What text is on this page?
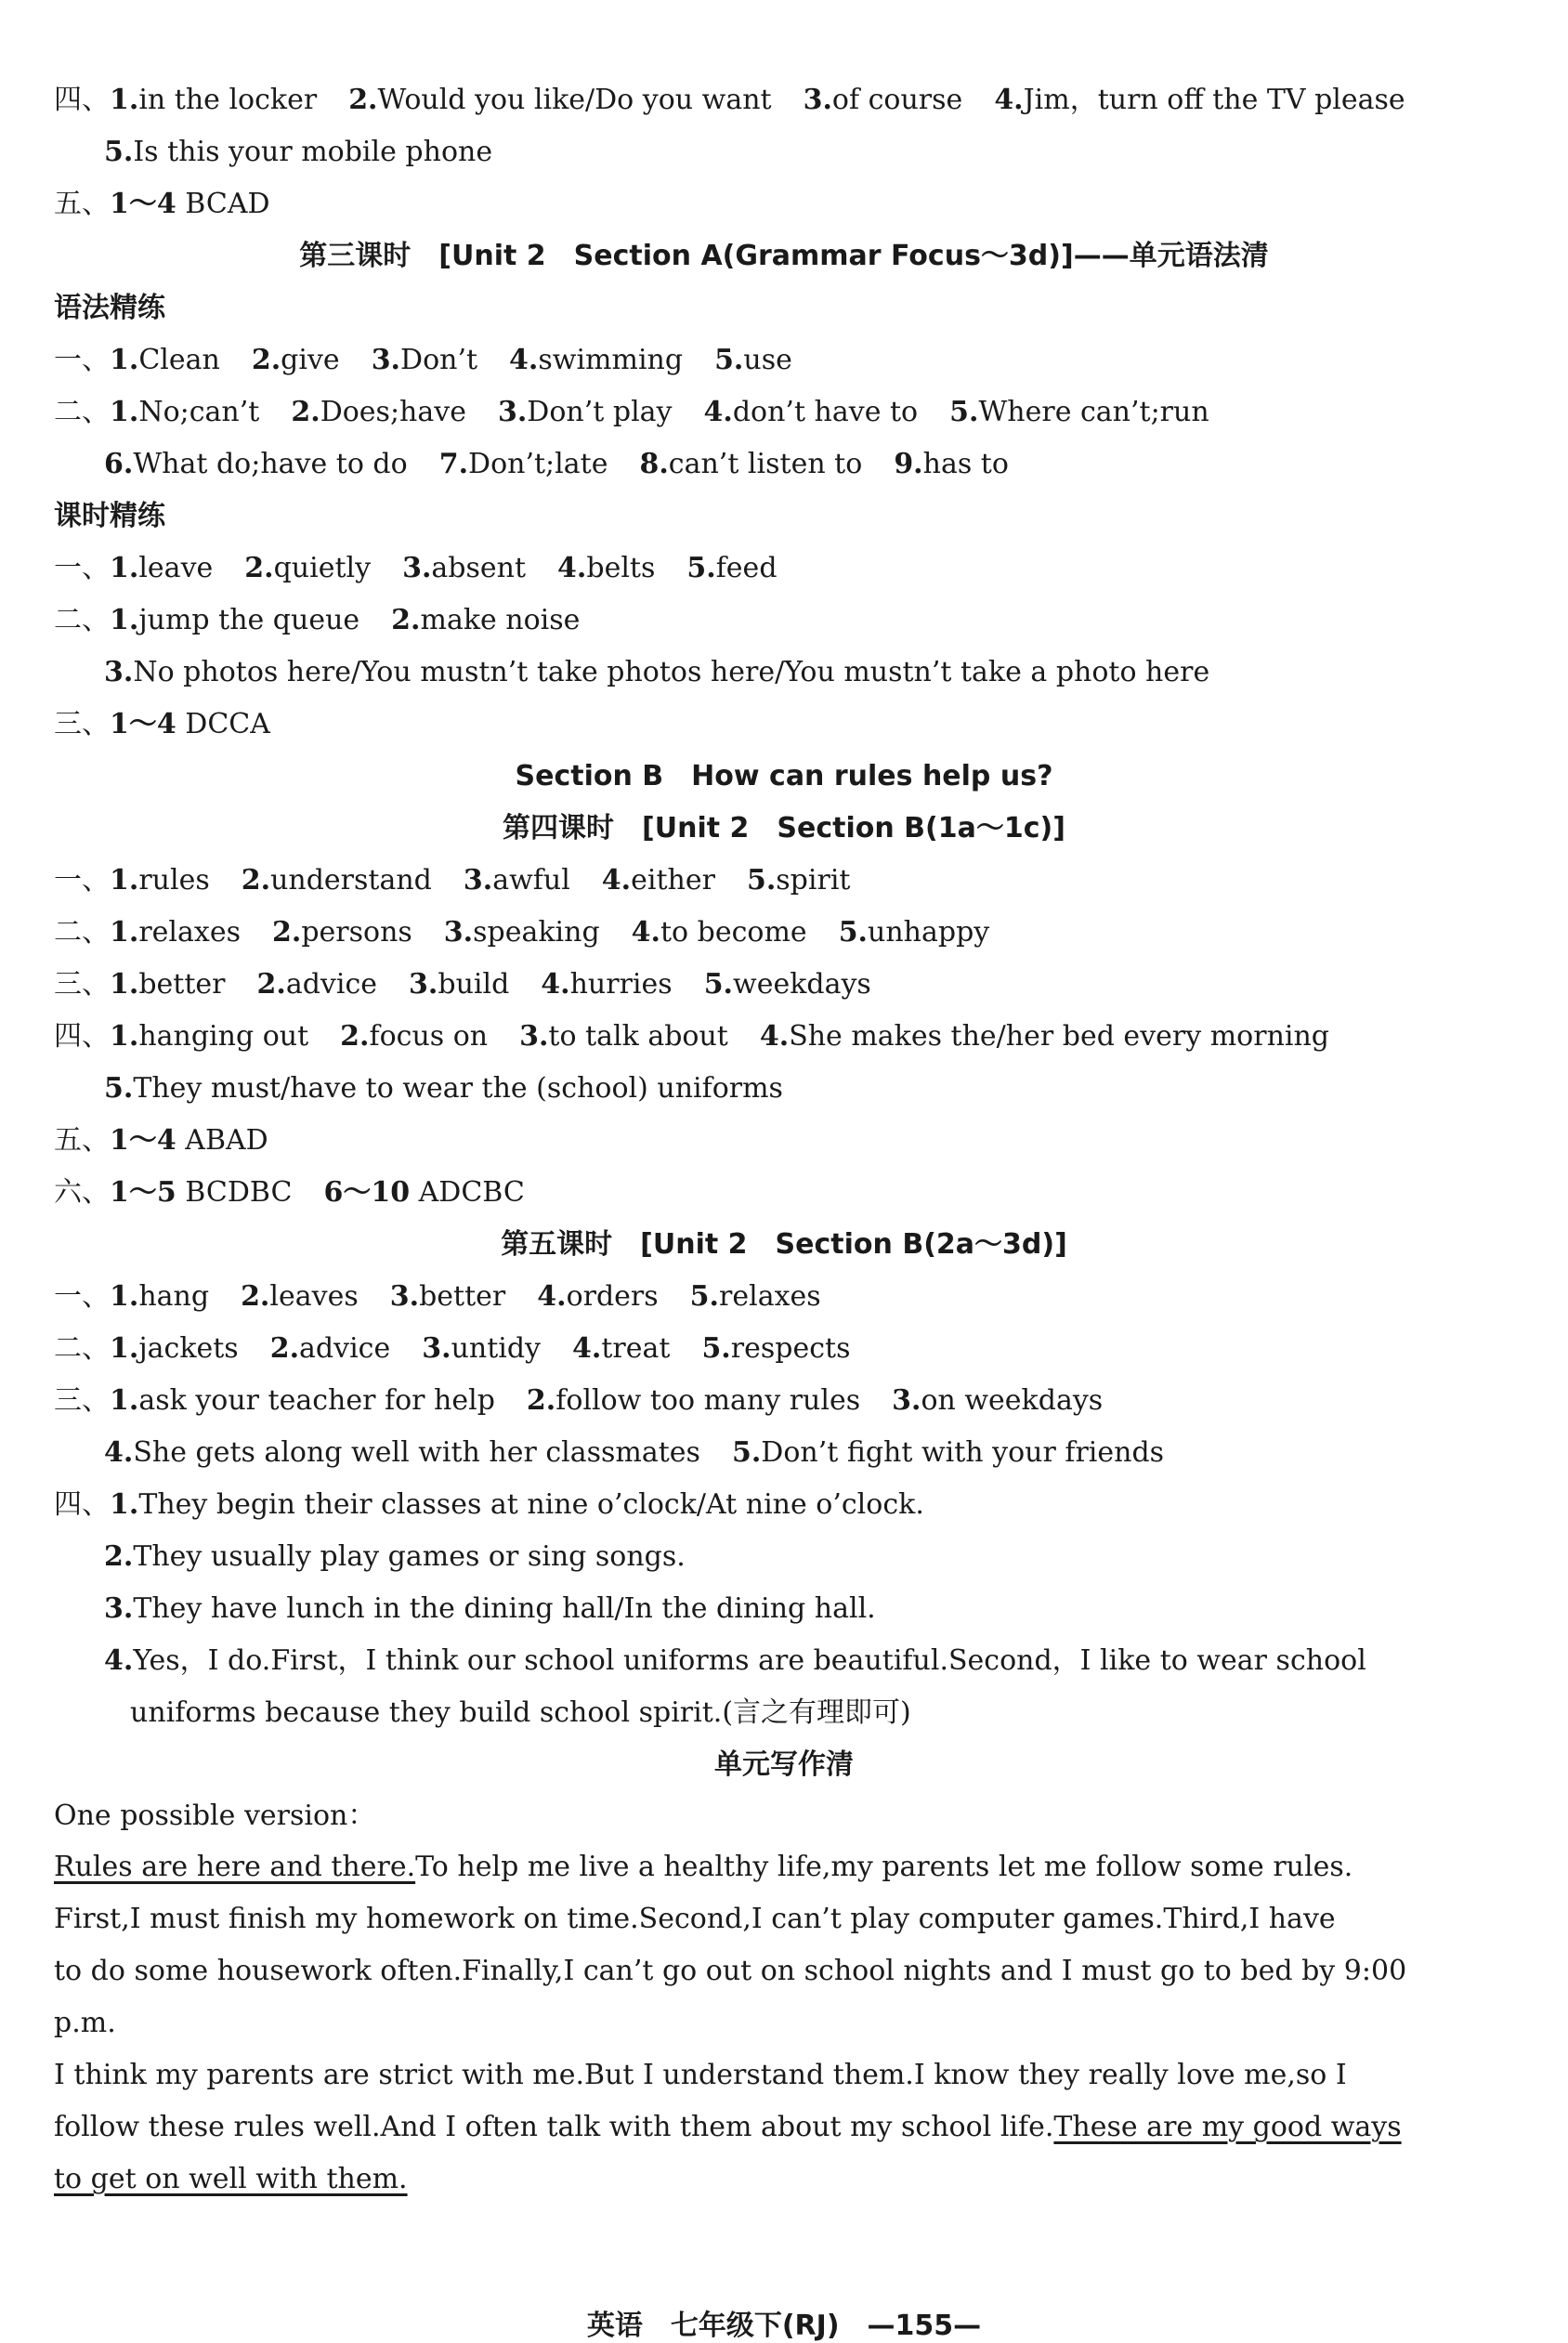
四、1.in the locker 2.Would you like/Do you want 3.of course 4.Jim，turn off the TV please
5.Is this your mobile phone
五、1～4 BCAD
第三课时　[Unit 2　Section A(Grammar Focus～3d)]——单元语法清
语法精练
一、1.Clean 2.give 3.Don’t 4.swimming 5.use
二、1.No;can’t 2.Does;have 3.Don’t play 4.don’t have to 5.Where can’t;run
6.What do;have to do 7.Don’t;late 8.can’t listen to 9.has to
课时精练
一、1.leave 2.quietly 3.absent 4.belts 5.feed
二、1.jump the queue 2.make noise
3.No photos here/You mustn’t take photos here/You mustn’t take a photo here
三、1～4 DCCA
Section B　How can rules help us?
第四课时　[Unit 2　Section B(1a～1c)]
一、1.rules 2.understand 3.awful 4.either 5.spirit
二、1.relaxes 2.persons 3.speaking 4.to become 5.unhappy
三、1.better 2.advice 3.build 4.hurries 5.weekdays
四、1.hanging out 2.focus on 3.to talk about 4.She makes the/her bed every morning
5.They must/have to wear the (school) uniforms
五、1～4 ABAD
六、1～5 BCDBC 6～10 ADCBC
第五课时　[Unit 2　Section B(2a～3d)]
一、1.hang 2.leaves 3.better 4.orders 5.relaxes
二、1.jackets 2.advice 3.untidy 4.treat 5.respects
三、1.ask your teacher for help 2.follow too many rules 3.on weekdays
4.She gets along well with her classmates 5.Don’t fight with your friends
四、1.They begin their classes at nine o’clock/At nine o’clock.
2.They usually play games or sing songs.
3.They have lunch in the dining hall/In the dining hall.
4.Yes，I do.First，I think our school uniforms are beautiful.Second，I like to wear school
uniforms because they build school spirit.(言之有理即可)
单元写作清
One possible version：
Rules are here and there.To help me live a healthy life,my parents let me follow some rules.
First,I must finish my homework on time.Second,I can’t play computer games.Third,I have
to do some housework often.Finally,I can’t go out on school nights and I must go to bed by 9:00
p.m.
I think my parents are strict with me.But I understand them.I know they really love me,so I
follow these rules well.And I often talk with them about my school life.These are my good ways
to get on well with them.
英语　七年级下(RJ)　—155—
